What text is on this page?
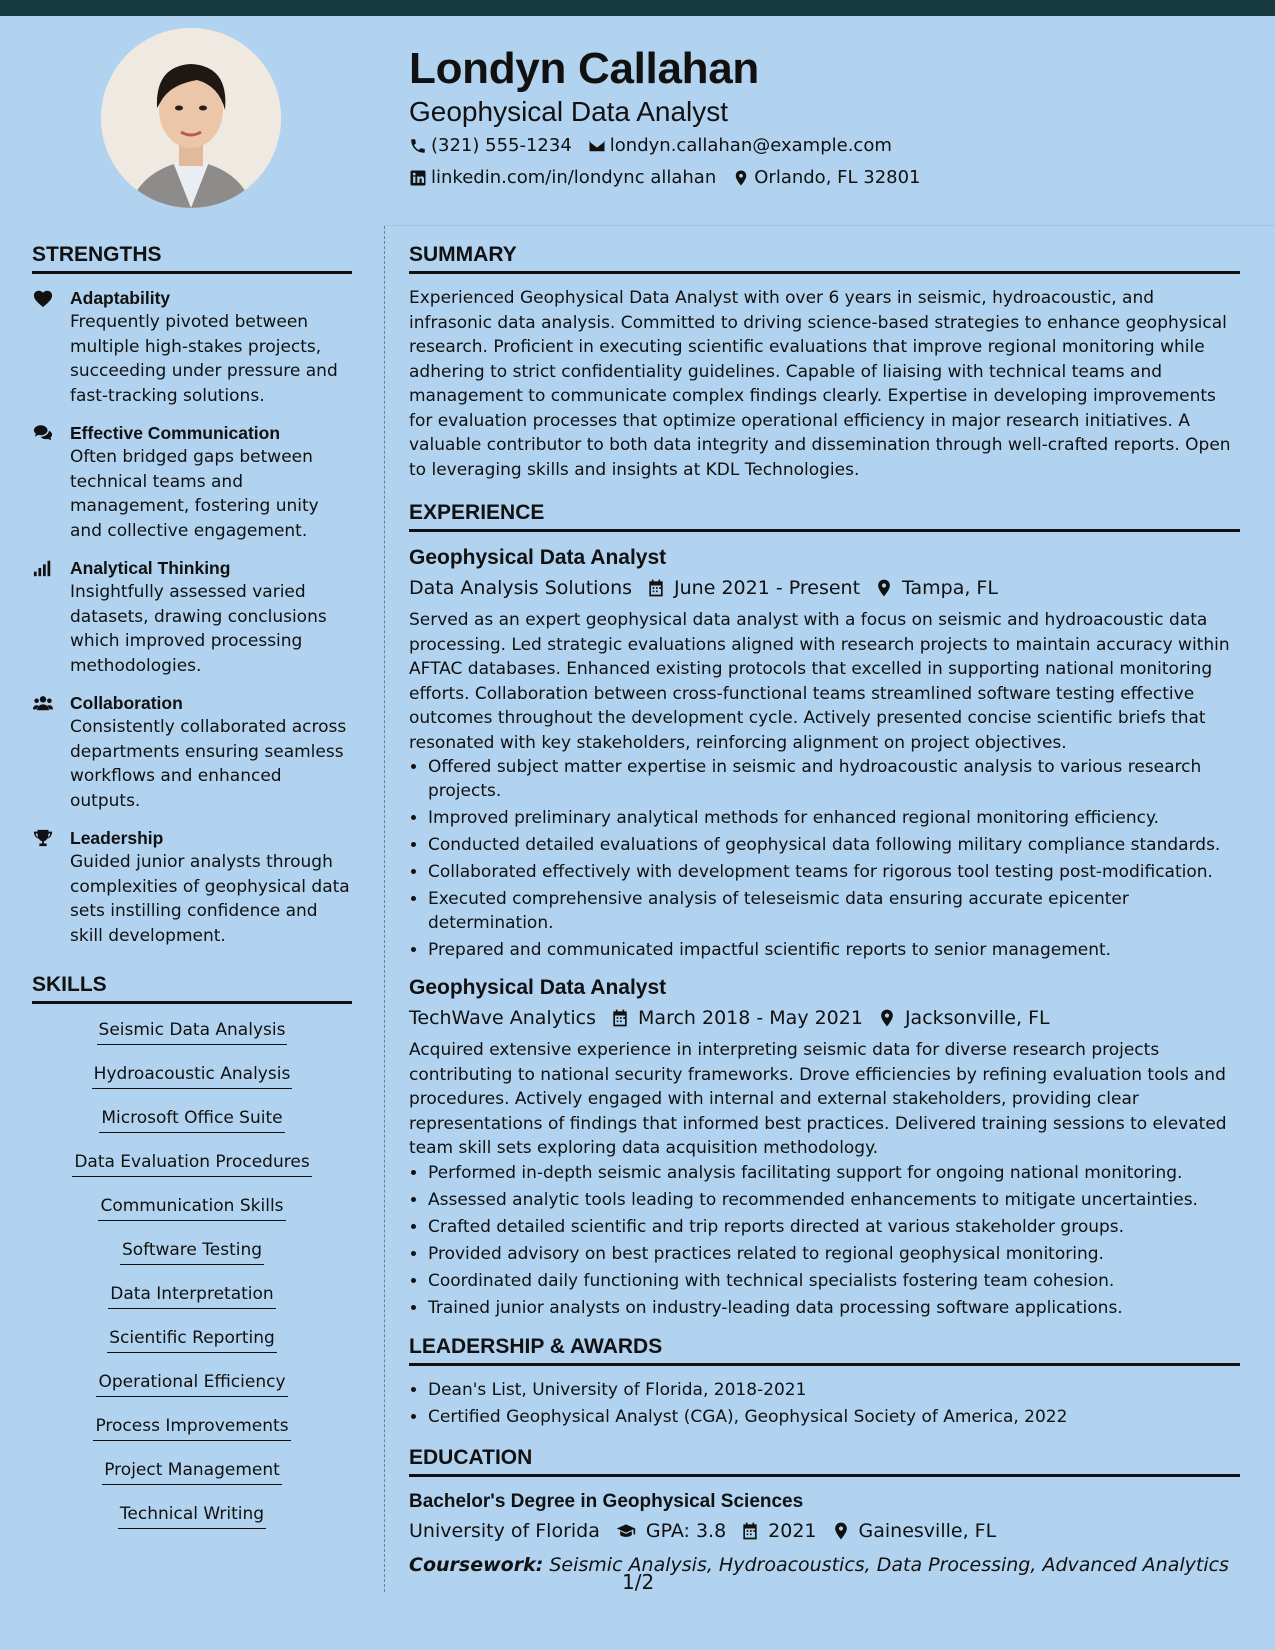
Londyn Callahan
Geophysical Data Analyst
(321) 555-1234 londyn.callahan@example.com
linkedin.com/in/londync allahan Orlando, FL 32801
STRENGTHS
Adaptability
Frequently pivoted between multiple high-stakes projects, succeeding under pressure and fast-tracking solutions.
Effective Communication
Often bridged gaps between technical teams and management, fostering unity and collective engagement.
Analytical Thinking
Insightfully assessed varied datasets, drawing conclusions which improved processing methodologies.
Collaboration
Consistently collaborated across departments ensuring seamless workflows and enhanced outputs.
Leadership
Guided junior analysts through complexities of geophysical data sets instilling confidence and skill development.
SKILLS
Seismic Data Analysis
Hydroacoustic Analysis
Microsoft Office Suite
Data Evaluation Procedures
Communication Skills
Software Testing
Data Interpretation
Scientific Reporting
Operational Efficiency
Process Improvements
Project Management
Technical Writing
SUMMARY
Experienced Geophysical Data Analyst with over 6 years in seismic, hydroacoustic, and infrasonic data analysis. Committed to driving science-based strategies to enhance geophysical research. Proficient in executing scientific evaluations that improve regional monitoring while adhering to strict confidentiality guidelines. Capable of liaising with technical teams and management to communicate complex findings clearly. Expertise in developing improvements for evaluation processes that optimize operational efficiency in major research initiatives. A valuable contributor to both data integrity and dissemination through well-crafted reports. Open to leveraging skills and insights at KDL Technologies.
EXPERIENCE
Geophysical Data Analyst
Data Analysis Solutions June 2021 - Present Tampa, FL
Served as an expert geophysical data analyst with a focus on seismic and hydroacoustic data processing. Led strategic evaluations aligned with research projects to maintain accuracy within AFTAC databases. Enhanced existing protocols that excelled in supporting national monitoring efforts. Collaboration between cross-functional teams streamlined software testing effective outcomes throughout the development cycle. Actively presented concise scientific briefs that resonated with key stakeholders, reinforcing alignment on project objectives.
• Offered subject matter expertise in seismic and hydroacoustic analysis to various research projects.
• Improved preliminary analytical methods for enhanced regional monitoring efficiency.
• Conducted detailed evaluations of geophysical data following military compliance standards.
• Collaborated effectively with development teams for rigorous tool testing post-modification.
• Executed comprehensive analysis of teleseismic data ensuring accurate epicenter determination.
• Prepared and communicated impactful scientific reports to senior management.
Geophysical Data Analyst
TechWave Analytics March 2018 - May 2021 Jacksonville, FL
Acquired extensive experience in interpreting seismic data for diverse research projects contributing to national security frameworks. Drove efficiencies by refining evaluation tools and procedures. Actively engaged with internal and external stakeholders, providing clear representations of findings that informed best practices. Delivered training sessions to elevated team skill sets exploring data acquisition methodology.
• Performed in-depth seismic analysis facilitating support for ongoing national monitoring.
• Assessed analytic tools leading to recommended enhancements to mitigate uncertainties.
• Crafted detailed scientific and trip reports directed at various stakeholder groups.
• Provided advisory on best practices related to regional geophysical monitoring.
• Coordinated daily functioning with technical specialists fostering team cohesion.
• Trained junior analysts on industry-leading data processing software applications.
LEADERSHIP & AWARDS
• Dean's List, University of Florida, 2018-2021
• Certified Geophysical Analyst (CGA), Geophysical Society of America, 2022
EDUCATION
Bachelor's Degree in Geophysical Sciences
University of Florida GPA: 3.8 2021 Gainesville, FL
Coursework: Seismic Analysis, Hydroacoustics, Data Processing, Advanced Analytics
1/2
